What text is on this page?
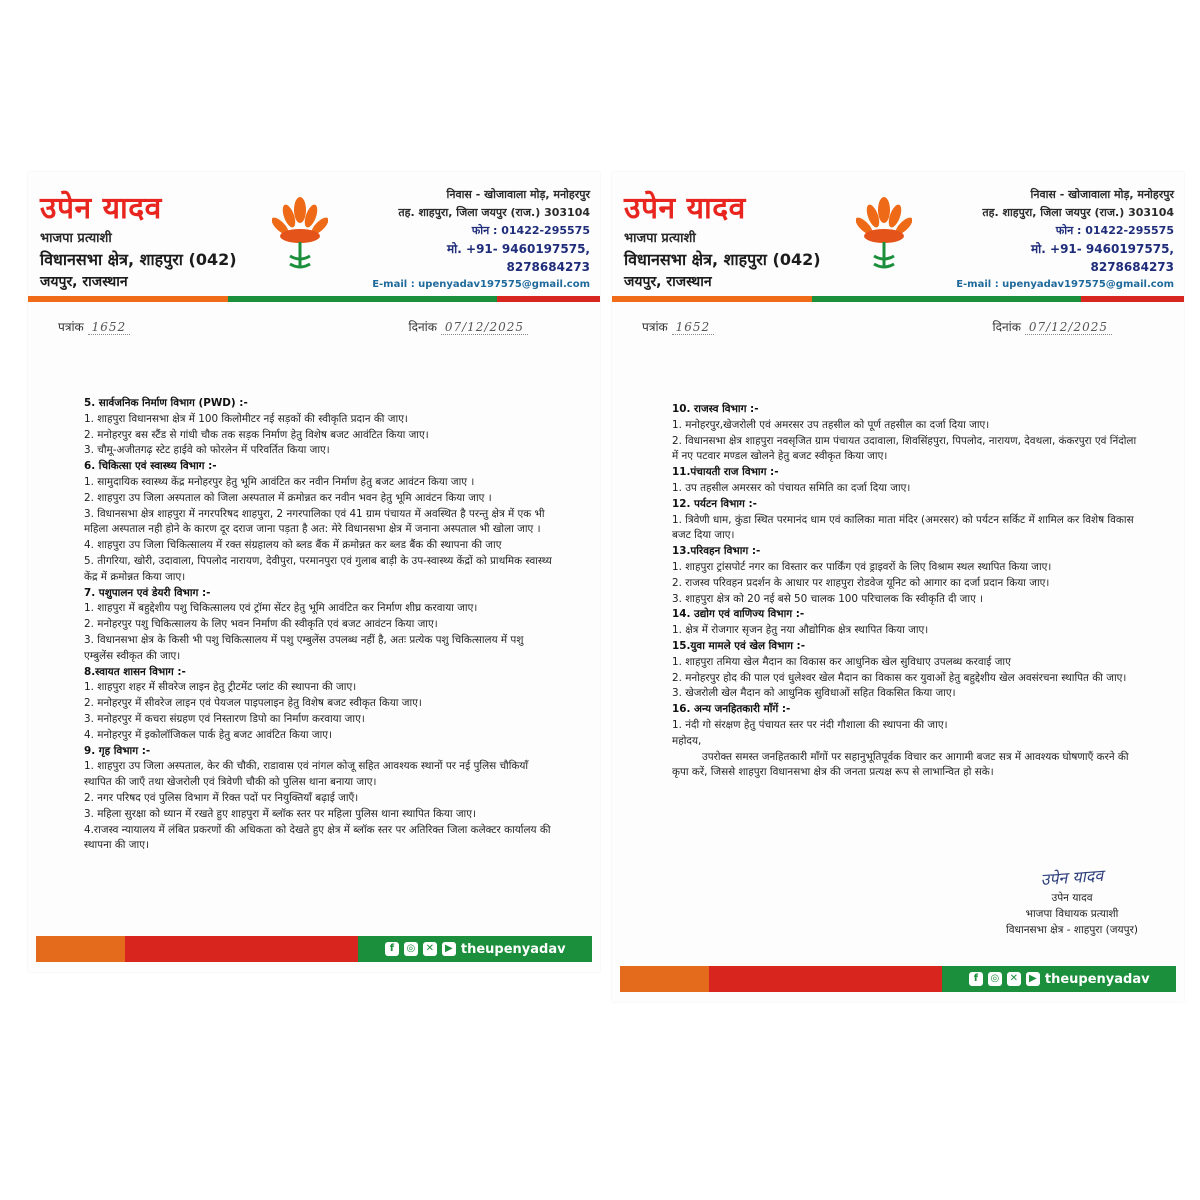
उपेन यादव
भाजपा प्रत्याशी
विधानसभा क्षेत्र, शाहपुरा (042)
जयपुर, राजस्थान
निवास - खोजावाला मोड़, मनोहरपुर
तह. शाहपुरा, जिला जयपुर (राज.) 303104
फोन : 01422-295575
मो. +91- 9460197575, 8278684273
E-mail : upenyadav197575@gmail.com
पत्रांक 1652	दिनांक 07/12/2025
5. सार्वजनिक निर्माण विभाग (PWD) :-
1. शाहपुरा विधानसभा क्षेत्र में 100 किलोमीटर नई सड़कों की स्वीकृति प्रदान की जाए।
2. मनोहरपुर बस स्टैंड से गांधी चौक तक सड़क निर्माण हेतु विशेष बजट आवंटित किया जाए।
3. चौमू-अजीतगढ़ स्टेट हाईवे को फोरलेन में परिवर्तित किया जाए।
6. चिकित्सा एवं स्वास्थ्य विभाग :-
1. सामुदायिक स्वास्थ्य केंद्र मनोहरपुर हेतु भूमि आवंटित कर नवीन निर्माण हेतु बजट आवंटन किया जाए ।
2. शाहपुरा उप जिला अस्पताल को जिला अस्पताल में क्रमोन्नत कर नवीन भवन हेतु भूमि आवंटन किया जाए ।
3. विधानसभा क्षेत्र शाहपुरा में नगरपरिषद शाहपुरा, 2 नगरपालिका एवं 41 ग्राम पंचायत में अवस्थित है परन्तु क्षेत्र में एक भी महिला अस्पताल नही होने के कारण दूर दराज जाना पड़ता है अत: मेरे विधानसभा क्षेत्र में जनाना अस्पताल भी खोला जाए ।
4. शाहपुरा उप जिला चिकित्सालय में रक्त संग्रहालय को ब्लड बैंक में क्रमोन्नत कर ब्लड बैंक की स्थापना की जाए
5. तीगरिया, खोरी, उदावाला, पिपलोद नारायण, देवीपुरा, परमानपुरा एवं गुलाब बाड़ी के उप-स्वास्थ्य केंद्रों को प्राथमिक स्वास्थ्य केंद्र में क्रमोन्नत किया जाए।
7. पशुपालन एवं डेयरी विभाग :-
1. शाहपुरा में बहुद्देशीय पशु चिकित्सालय एवं ट्रॉमा सेंटर हेतु भूमि आवंटित कर निर्माण शीघ्र करवाया जाए।
2. मनोहरपुर पशु चिकित्सालय के लिए भवन निर्माण की स्वीकृति एवं बजट आवंटन किया जाए।
3. विधानसभा क्षेत्र के किसी भी पशु चिकित्सालय में पशु एम्बुलेंस उपलब्ध नहीं है, अतः प्रत्येक पशु चिकित्सालय में पशु एम्बुलेंस स्वीकृत की जाए।
8.स्वायत शासन विभाग :-
1. शाहपुरा शहर में सीवरेज लाइन हेतु ट्रीटमेंट प्लांट की स्थापना की जाए।
2. मनोहरपुर में सीवरेज लाइन एवं पेयजल पाइपलाइन हेतु विशेष बजट स्वीकृत किया जाए।
3. मनोहरपुर में कचरा संग्रहण एवं निस्तारण डिपो का निर्माण करवाया जाए।
4. मनोहरपुर में इकोलॉजिकल पार्क हेतु बजट आवंटित किया जाए।
9. गृह विभाग :-
1. शाहपुरा उप जिला अस्पताल, केर की चौकी, राडावास एवं नांगल कोजू सहित आवश्यक स्थानों पर नई पुलिस चौकियाँ स्थापित की जाएँ तथा खेजरोली एवं त्रिवेणी चौकी को पुलिस थाना बनाया जाए।
2. नगर परिषद एवं पुलिस विभाग में रिक्त पदों पर नियुक्तियाँ बढ़ाई जाएँ।
3. महिला सुरक्षा को ध्यान में रखते हुए शाहपुरा में ब्लॉक स्तर पर महिला पुलिस थाना स्थापित किया जाए।
4.राजस्व न्यायालय में लंबित प्रकरणों की अधिकता को देखते हुए क्षेत्र में ब्लॉक स्तर पर अतिरिक्त जिला कलेक्टर कार्यालय की स्थापना की जाए।
f	◎ ✕	▶ theupenyadav
उपेन यादव
भाजपा प्रत्याशी
विधानसभा क्षेत्र, शाहपुरा (042)
जयपुर, राजस्थान
निवास - खोजावाला मोड़, मनोहरपुर
तह. शाहपुरा, जिला जयपुर (राज.) 303104
फोन : 01422-295575
मो. +91- 9460197575, 8278684273
E-mail : upenyadav197575@gmail.com
पत्रांक 1652	दिनांक 07/12/2025
10. राजस्व विभाग :-
1. मनोहरपुर,खेजरोली एवं अमरसर उप तहसील को पूर्ण तहसील का दर्जा दिया जाए।
2. विधानसभा क्षेत्र शाहपुरा नवसृजित ग्राम पंचायत उदावाला, शिवसिंहपुरा, पिपलोद, नारायण, देवथला, कंकरपुरा एवं निंदोला में नए पटवार मण्डल खोलने हेतु बजट स्वीकृत किया जाए।
11.पंचायती राज विभाग :-
1. उप तहसील अमरसर को पंचायत समिति का दर्जा दिया जाए।
12. पर्यटन विभाग :-
1. त्रिवेणी धाम, कुंडा स्थित परमानंद धाम एवं कालिका माता मंदिर (अमरसर) को पर्यटन सर्किट में शामिल कर विशेष विकास बजट दिया जाए।
13.परिवहन विभाग :-
1. शाहपुरा ट्रांसपोर्ट नगर का विस्तार कर पार्किंग एवं ड्राइवरों के लिए विश्राम स्थल स्थापित किया जाए।
2. राजस्व परिवहन प्रदर्शन के आधार पर शाहपुरा रोडवेज यूनिट को आगार का दर्जा प्रदान किया जाए।
3. शाहपुरा क्षेत्र को 20 नई बसे 50 चालक 100 परिचालक कि स्वीकृति दी जाए ।
14. उद्योग एवं वाणिज्य विभाग :-
1. क्षेत्र में रोजगार सृजन हेतु नया औद्योगिक क्षेत्र स्थापित किया जाए।
15.युवा मामले एवं खेल विभाग :-
1. शाहपुरा तमिया खेल मैदान का विकास कर आधुनिक खेल सुविधाए उपलब्ध करवाई जाए
2. मनोहरपुर होद की पाल एवं धुलेश्वर खेल मैदान का विकास कर युवाओं हेतु बहुद्देशीय खेल अवसंरचना स्थापित की जाए।
3. खेजरोली खेल मैदान को आधुनिक सुविधाओं सहित विकसित किया जाए।
16. अन्य जनहितकारी माँगें :-
1. नंदी गो संरक्षण हेतु पंचायत स्तर पर नंदी गौशाला की स्थापना की जाए।
महोदय,
उपरोक्त समस्त जनहितकारी माँगों पर सहानुभूतिपूर्वक विचार कर आगामी बजट सत्र में आवश्यक घोषणाएँ करने की कृपा करें, जिससे शाहपुरा विधानसभा क्षेत्र की जनता प्रत्यक्ष रूप से लाभान्वित हो सके।
उपेन यादव
उपेन यादव
भाजपा विधायक प्रत्याशी
विधानसभा क्षेत्र - शाहपुरा (जयपुर)
f	◎ ✕	▶ theupenyadav
